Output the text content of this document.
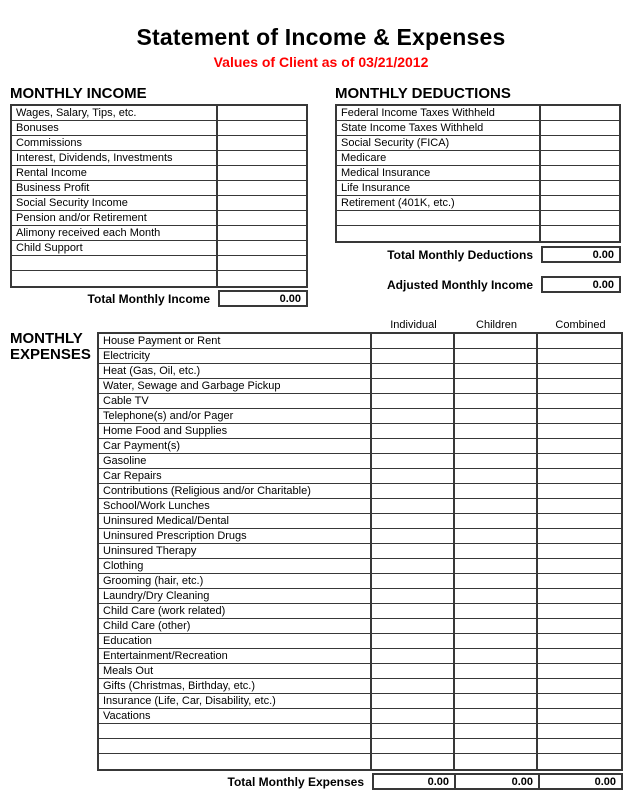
Statement of Income & Expenses
Values of Client as of 03/21/2012
MONTHLY INCOME
Wages, Salary, Tips, etc.
Bonuses
Commissions
Interest, Dividends, Investments
Rental Income
Business Profit
Social Security Income
Pension and/or Retirement
Alimony received each Month
Child Support
Total Monthly Income	0.00
MONTHLY DEDUCTIONS
Federal Income Taxes Withheld
State Income Taxes Withheld
Social Security (FICA)
Medicare
Medical Insurance
Life Insurance
Retirement (401K, etc.)
Total Monthly Deductions	0.00
Adjusted Monthly Income	0.00
Individual	Children	Combined
MONTHLY
EXPENSES
House Payment or Rent
Electricity
Heat (Gas, Oil, etc.)
Water, Sewage and Garbage Pickup
Cable TV
Telephone(s) and/or Pager
Home Food and Supplies
Car Payment(s)
Gasoline
Car Repairs
Contributions (Religious and/or Charitable)
School/Work Lunches
Uninsured Medical/Dental
Uninsured Prescription Drugs
Uninsured Therapy
Clothing
Grooming (hair, etc.)
Laundry/Dry Cleaning
Child Care (work related)
Child Care (other)
Education
Entertainment/Recreation
Meals Out
Gifts (Christmas, Birthday, etc.)
Insurance (Life, Car, Disability, etc.)
Vacations
Total Monthly Expenses	0.00	0.00	0.00
